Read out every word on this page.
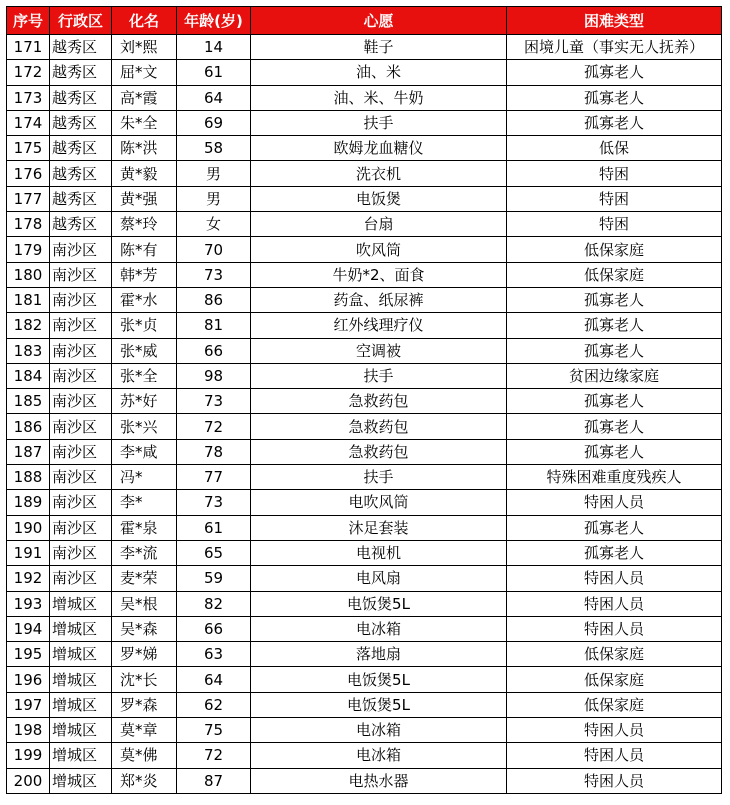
序号	行政区	化名	年龄(岁)	心愿	困难类型
171	越秀区	刘*熙	14	鞋子	困境儿童（事实无人抚养）
172	越秀区	屈*文	61	油、米	孤寡老人
173	越秀区	高*霞	64	油、米、牛奶	孤寡老人
174	越秀区	朱*全	69	扶手	孤寡老人
175	越秀区	陈*洪	58	欧姆龙血糖仪	低保
176	越秀区	黄*毅	男	洗衣机	特困
177	越秀区	黄*强	男	电饭煲	特困
178	越秀区	蔡*玲	女	台扇	特困
179	南沙区	陈*有	70	吹风筒	低保家庭
180	南沙区	韩*芳	73	牛奶*2、面食	低保家庭
181	南沙区	霍*水	86	药盒、纸尿裤	孤寡老人
182	南沙区	张*贞	81	红外线理疗仪	孤寡老人
183	南沙区	张*威	66	空调被	孤寡老人
184	南沙区	张*全	98	扶手	贫困边缘家庭
185	南沙区	苏*好	73	急救药包	孤寡老人
186	南沙区	张*兴	72	急救药包	孤寡老人
187	南沙区	李*咸	78	急救药包	孤寡老人
188	南沙区	冯*	77	扶手	特殊困难重度残疾人
189	南沙区	李*	73	电吹风筒	特困人员
190	南沙区	霍*泉	61	沐足套装	孤寡老人
191	南沙区	李*流	65	电视机	孤寡老人
192	南沙区	麦*荣	59	电风扇	特困人员
193	增城区	吴*根	82	电饭煲5L	特困人员
194	增城区	吴*森	66	电冰箱	特困人员
195	增城区	罗*娣	63	落地扇	低保家庭
196	增城区	沈*长	64	电饭煲5L	低保家庭
197	增城区	罗*森	62	电饭煲5L	低保家庭
198	增城区	莫*章	75	电冰箱	特困人员
199	增城区	莫*佛	72	电冰箱	特困人员
200	增城区	郑*炎	87	电热水器	特困人员
